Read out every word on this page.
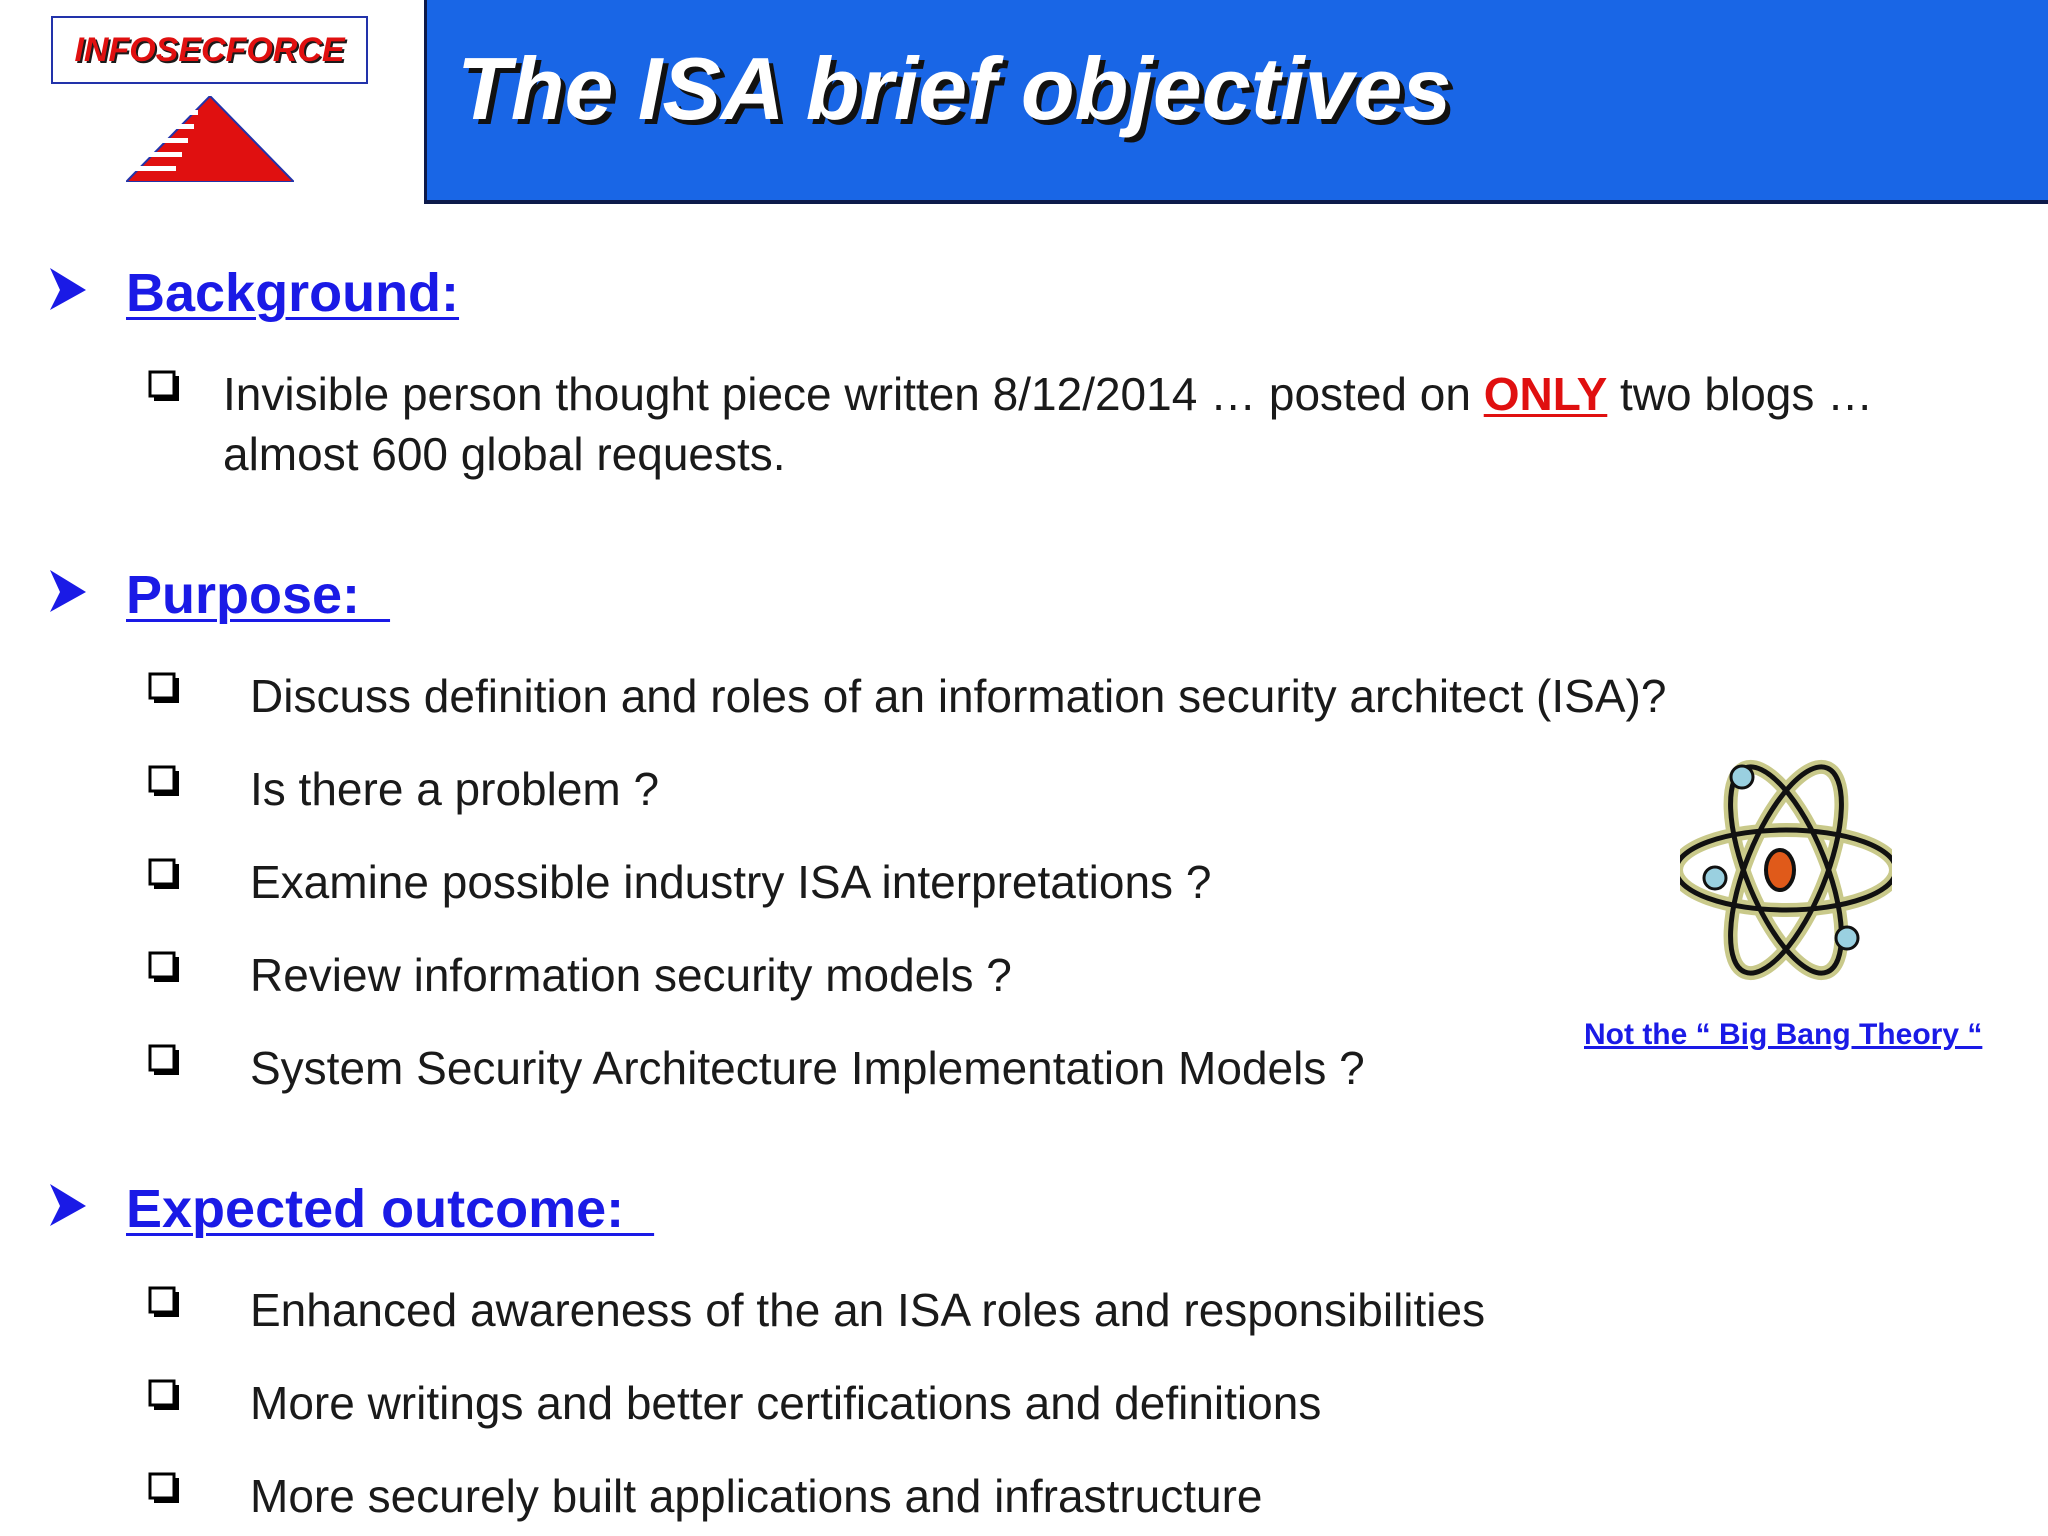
INFOSECFORCE The ISA brief objectives
Background:
Invisible person thought piece written 8/12/2014 … posted on ONLY two blogs … almost 600 global requests.
Purpose:
Discuss definition and roles of an information security architect (ISA)?
Is there a problem ?
Examine possible industry ISA interpretations ?
Review information security models ?
System Security Architecture Implementation Models ?
Not the “ Big Bang Theory “
Expected outcome:
Enhanced awareness of the an ISA roles and responsibilities
More writings and better certifications and definitions
More securely built applications and infrastructure
